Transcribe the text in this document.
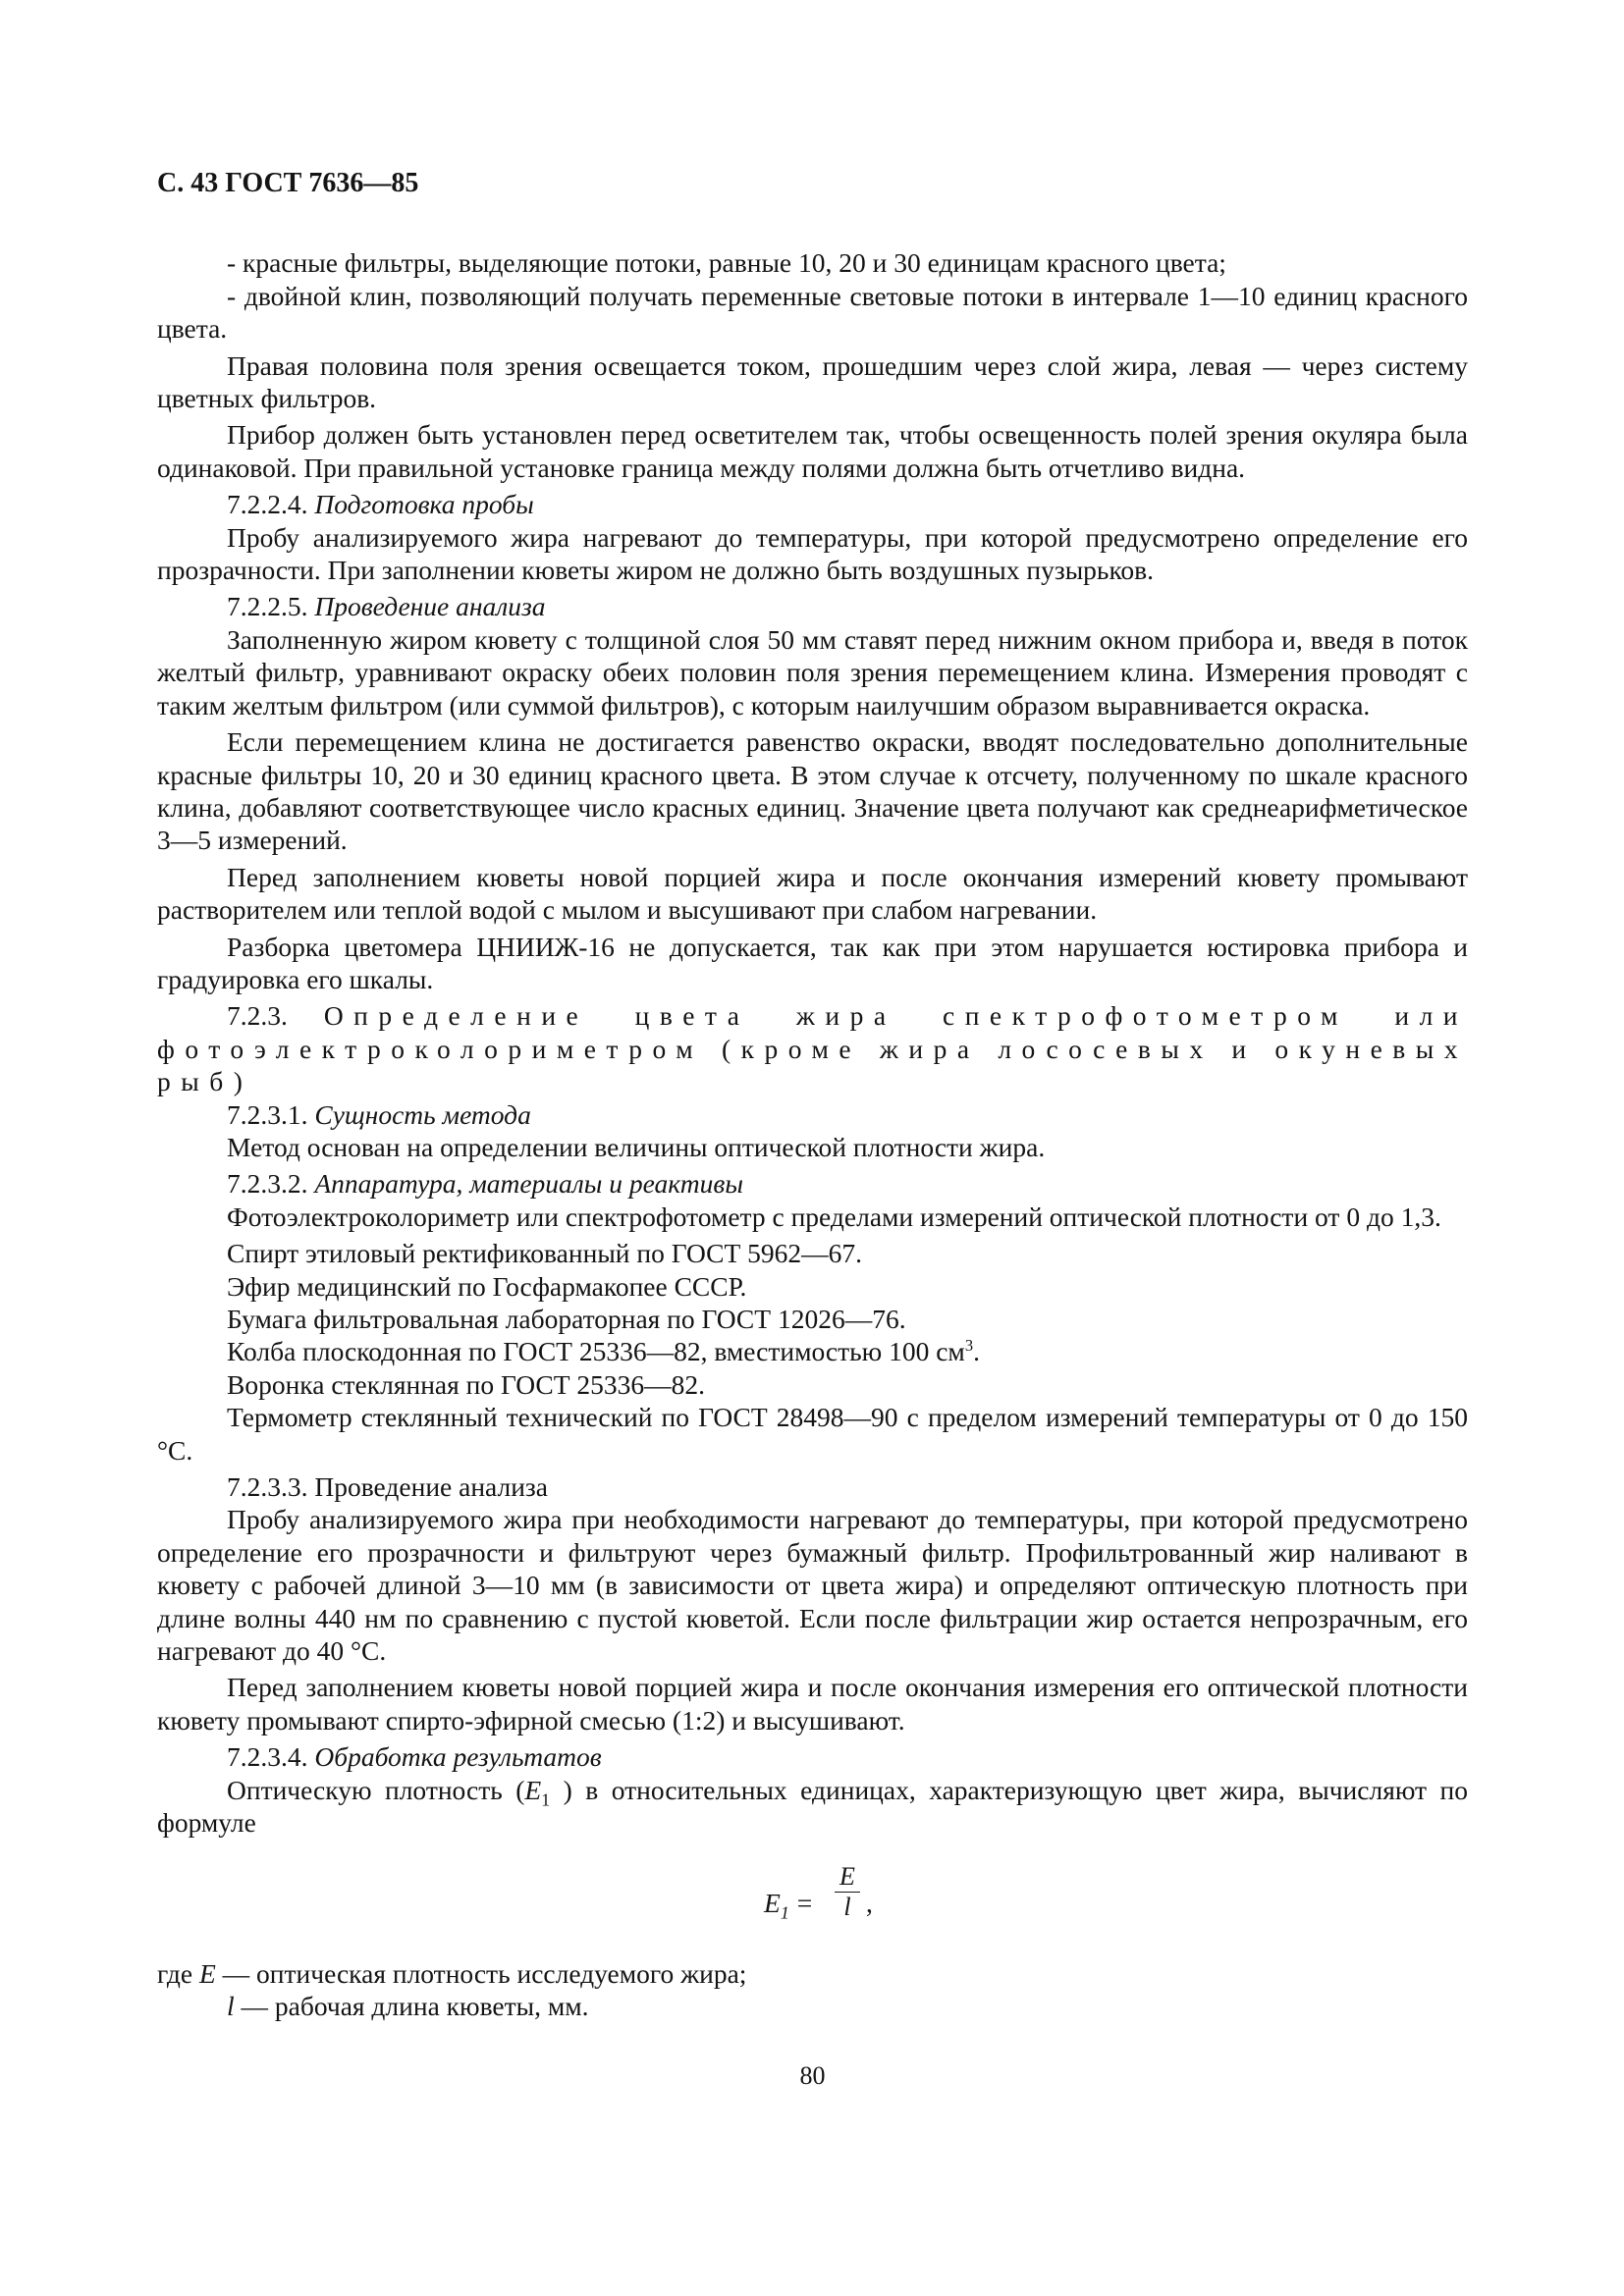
С. 43 ГОСТ 7636—85

- красные фильтры, выделяющие потоки, равные 10, 20 и 30 единицам красного цвета;

- двойной клин, позволяющий получать переменные световые потоки в интервале 1—10 единиц красного цвета.

Правая половина поля зрения освещается током, прошедшим через слой жира, левая — через систему цветных фильтров.

Прибор должен быть установлен перед осветителем так, чтобы освещенность полей зрения окуляра была одинаковой. При правильной установке граница между полями должна быть отчетливо видна.

7.2.2.4. Подготовка пробы

Пробу анализируемого жира нагревают до температуры, при которой предусмотрено определение его прозрачности. При заполнении кюветы жиром не должно быть воздушных пузырьков.

7.2.2.5. Проведение анализа

Заполненную жиром кювету с толщиной слоя 50 мм ставят перед нижним окном прибора и, введя в поток желтый фильтр, уравнивают окраску обеих половин поля зрения перемещением клина. Измерения проводят с таким желтым фильтром (или суммой фильтров), с которым наилучшим образом выравнивается окраска.

Если перемещением клина не достигается равенство окраски, вводят последовательно дополнительные красные фильтры 10, 20 и 30 единиц красного цвета. В этом случае к отсчету, полученному по шкале красного клина, добавляют соответствующее число красных единиц. Значение цвета получают как среднеарифметическое 3—5 измерений.

Перед заполнением кюветы новой порцией жира и после окончания измерений кювету промывают растворителем или теплой водой с мылом и высушивают при слабом нагревании.

Разборка цветомера ЦНИИЖ-16 не допускается, так как при этом нарушается юстировка прибора и градуировка его шкалы.

7.2.3. Определение цвета жира спектрофотометром или фотоэлектроколориметром (кроме жира лососевых и окуневых рыб)

7.2.3.1. Сущность метода

Метод основан на определении величины оптической плотности жира.

7.2.3.2. Аппаратура, материалы и реактивы

Фотоэлектроколориметр или спектрофотометр с пределами измерений оптической плотности от 0 до 1,3.

Спирт этиловый ректификованный по ГОСТ 5962—67.

Эфир медицинский по Госфармакопее СССР.

Бумага фильтровальная лабораторная по ГОСТ 12026—76.

Колба плоскодонная по ГОСТ 25336—82, вместимостью 100 $см^3$.

Воронка стеклянная по ГОСТ 25336—82.

Термометр стеклянный технический по ГОСТ 28498—90 с пределом измерений температуры от 0 до 150 °С.

7.2.3.3. Проведение анализа

Пробу анализируемого жира при необходимости нагревают до температуры, при которой предусмотрено определение его прозрачности и фильтруют через бумажный фильтр. Профильтрованный жир наливают в кювету с рабочей длиной 3—10 мм (в зависимости от цвета жира) и определяют оптическую плотность при длине волны 440 нм по сравнению с пустой кюветой. Если после фильтрации жир остается непрозрачным, его нагревают до 40 °С.

Перед заполнением кюветы новой порцией жира и после окончания измерения его оптической плотности кювету промывают спирто-эфирной смесью (1:2) и высушивают.

7.2.3.4. Обработка результатов

Оптическую плотность ($E_1$ ) в относительных единицах, характеризующую цвет жира, вычисляют по формуле

$E_1$ =
E
l ,

где E — оптическая плотность исследуемого жира;

l — рабочая длина кюветы, мм.

80
